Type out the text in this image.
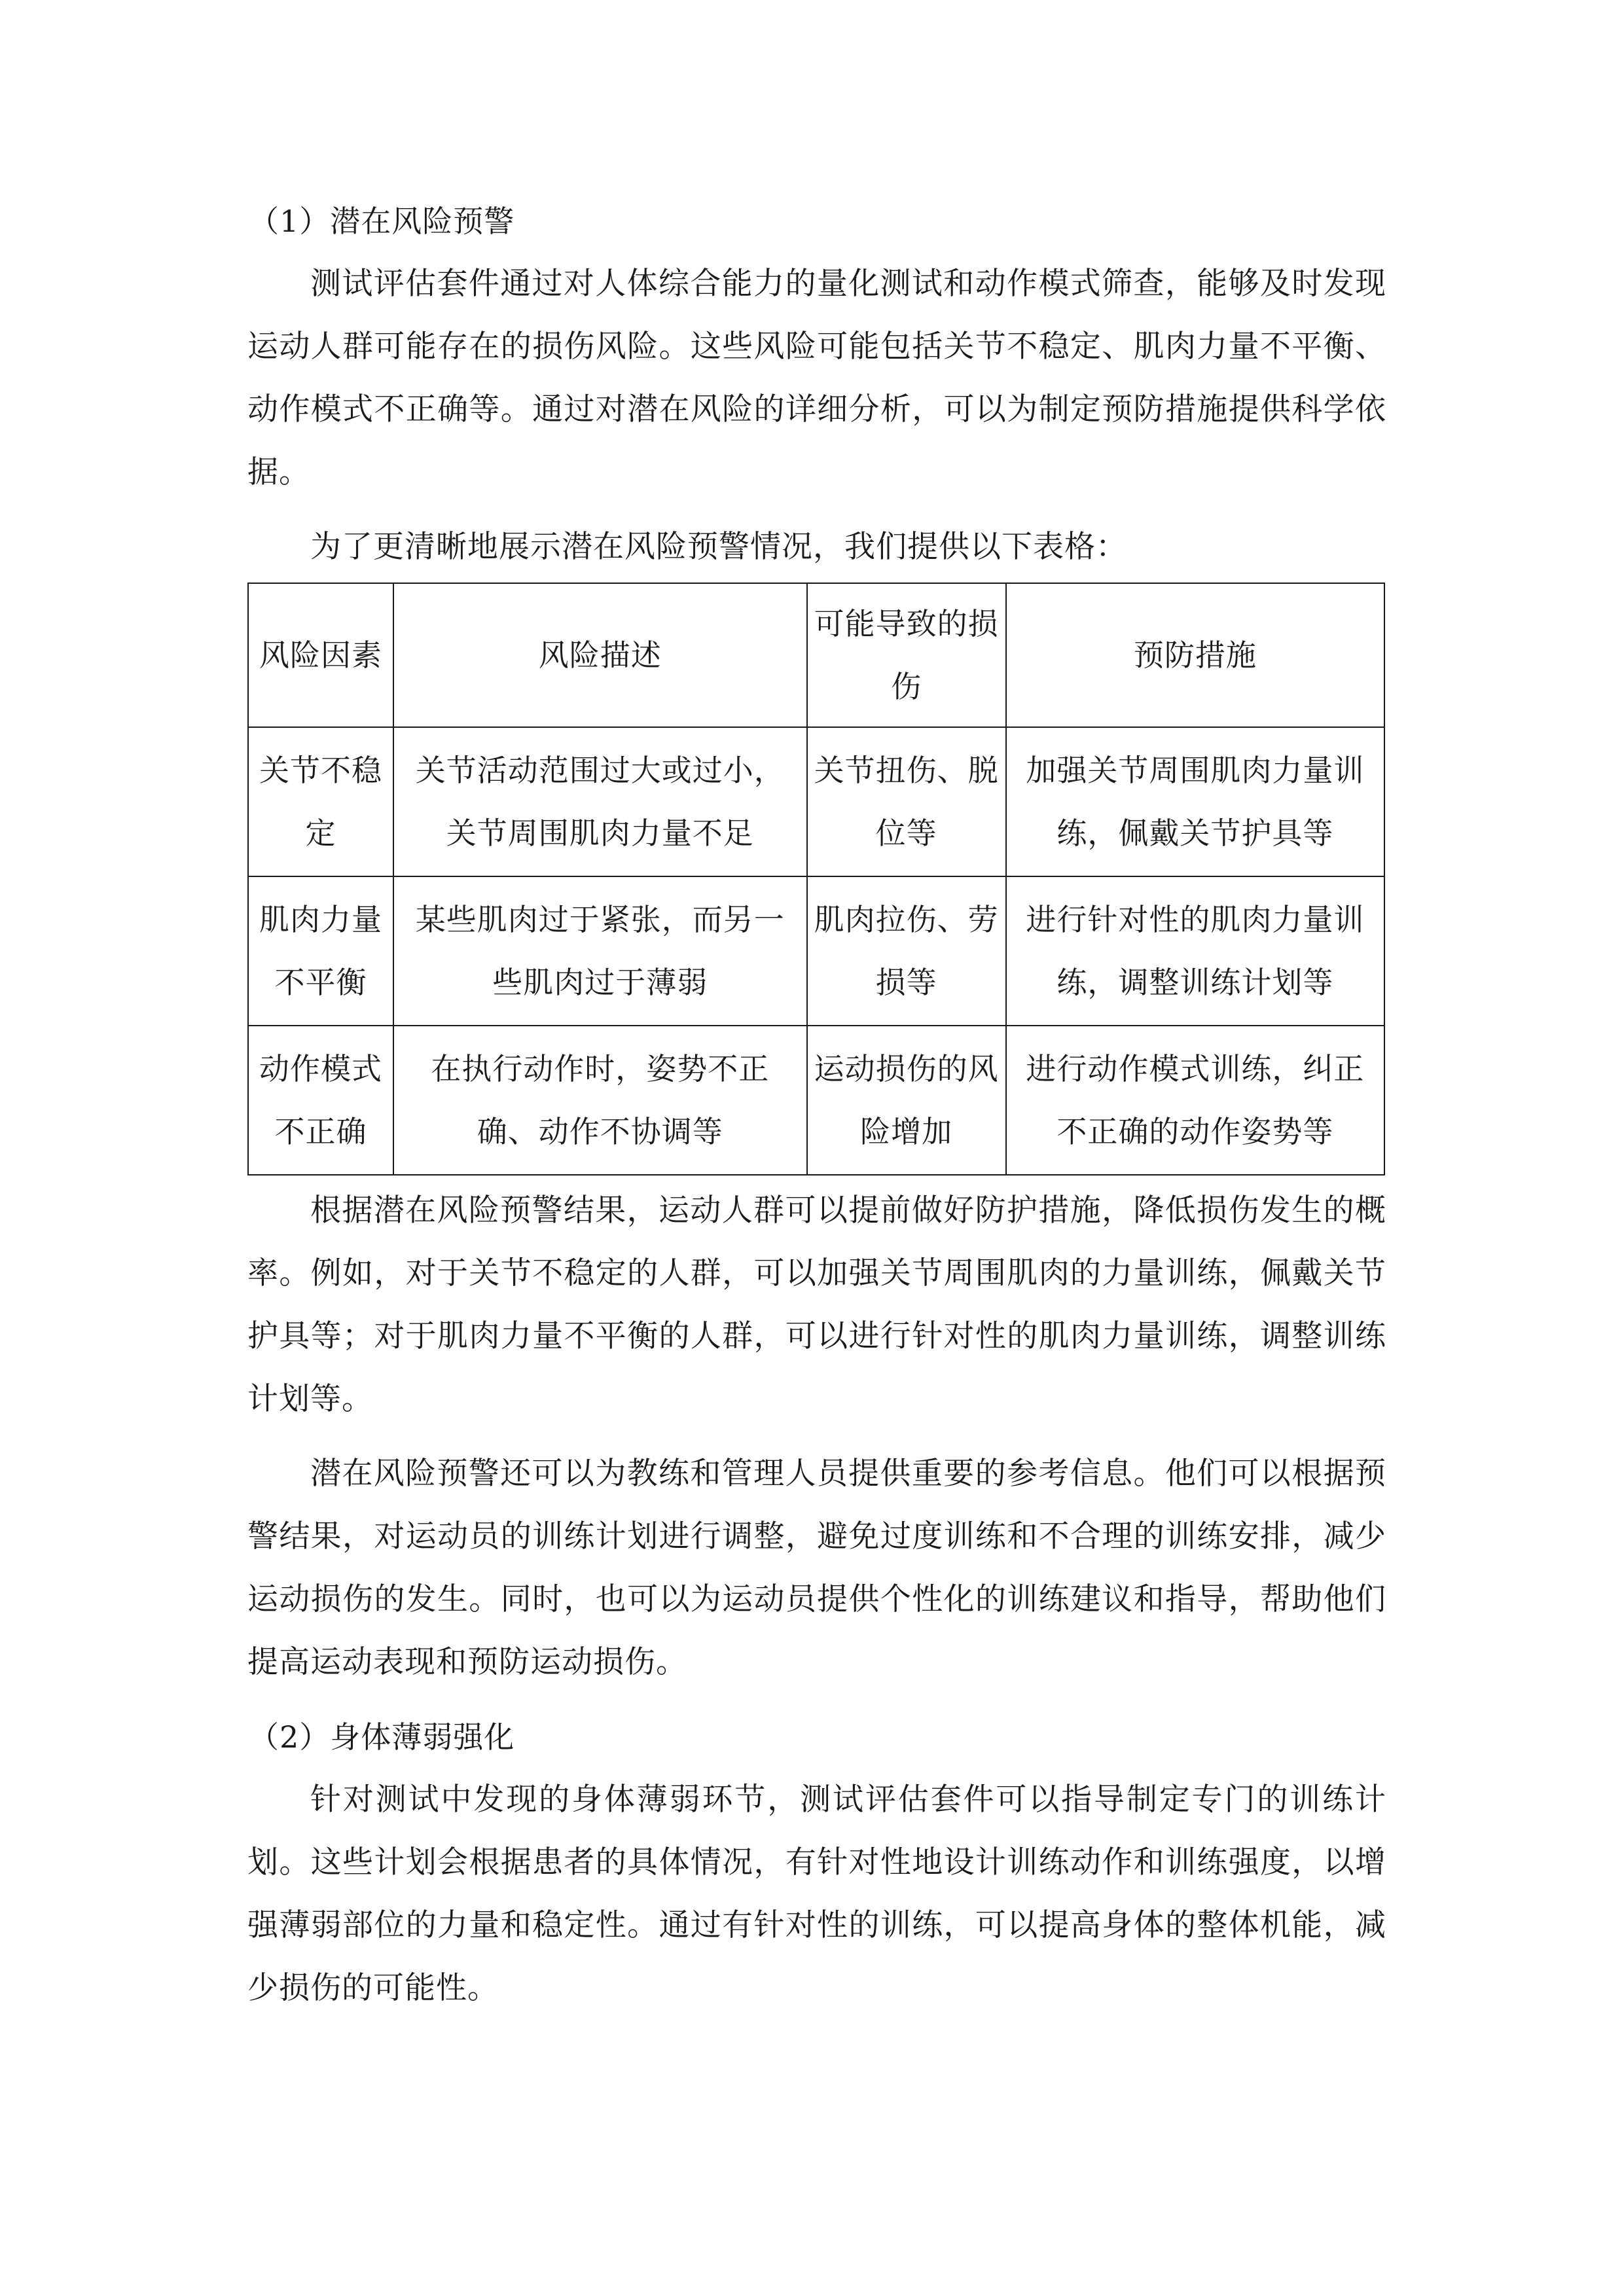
（1）潜在风险预警

测试评估套件通过对人体综合能力的量化测试和动作模式筛查，能够及时发现运动人群可能存在的损伤风险。这些风险可能包括关节不稳定、肌肉力量不平衡、动作模式不正确等。通过对潜在风险的详细分析，可以为制定预防措施提供科学依据。

为了更清晰地展示潜在风险预警情况，我们提供以下表格：

风险因素	风险描述	可能导致的损伤	预防措施
关节不稳定	关节活动范围过大或过小，关节周围肌肉力量不足	关节扭伤、脱位等	加强关节周围肌肉力量训练，佩戴关节护具等
肌肉力量不平衡	某些肌肉过于紧张，而另一些肌肉过于薄弱	肌肉拉伤、劳损等	进行针对性的肌肉力量训练，调整训练计划等
动作模式不正确	在执行动作时，姿势不正确、动作不协调等	运动损伤的风险增加	进行动作模式训练，纠正不正确的动作姿势等

根据潜在风险预警结果，运动人群可以提前做好防护措施，降低损伤发生的概率。例如，对于关节不稳定的人群，可以加强关节周围肌肉的力量训练，佩戴关节护具等；对于肌肉力量不平衡的人群，可以进行针对性的肌肉力量训练，调整训练计划等。

潜在风险预警还可以为教练和管理人员提供重要的参考信息。他们可以根据预警结果，对运动员的训练计划进行调整，避免过度训练和不合理的训练安排，减少运动损伤的发生。同时，也可以为运动员提供个性化的训练建议和指导，帮助他们提高运动表现和预防运动损伤。

（2）身体薄弱强化

针对测试中发现的身体薄弱环节，测试评估套件可以指导制定专门的训练计划。这些计划会根据患者的具体情况，有针对性地设计训练动作和训练强度，以增强薄弱部位的力量和稳定性。通过有针对性的训练，可以提高身体的整体机能，减少损伤的可能性。
